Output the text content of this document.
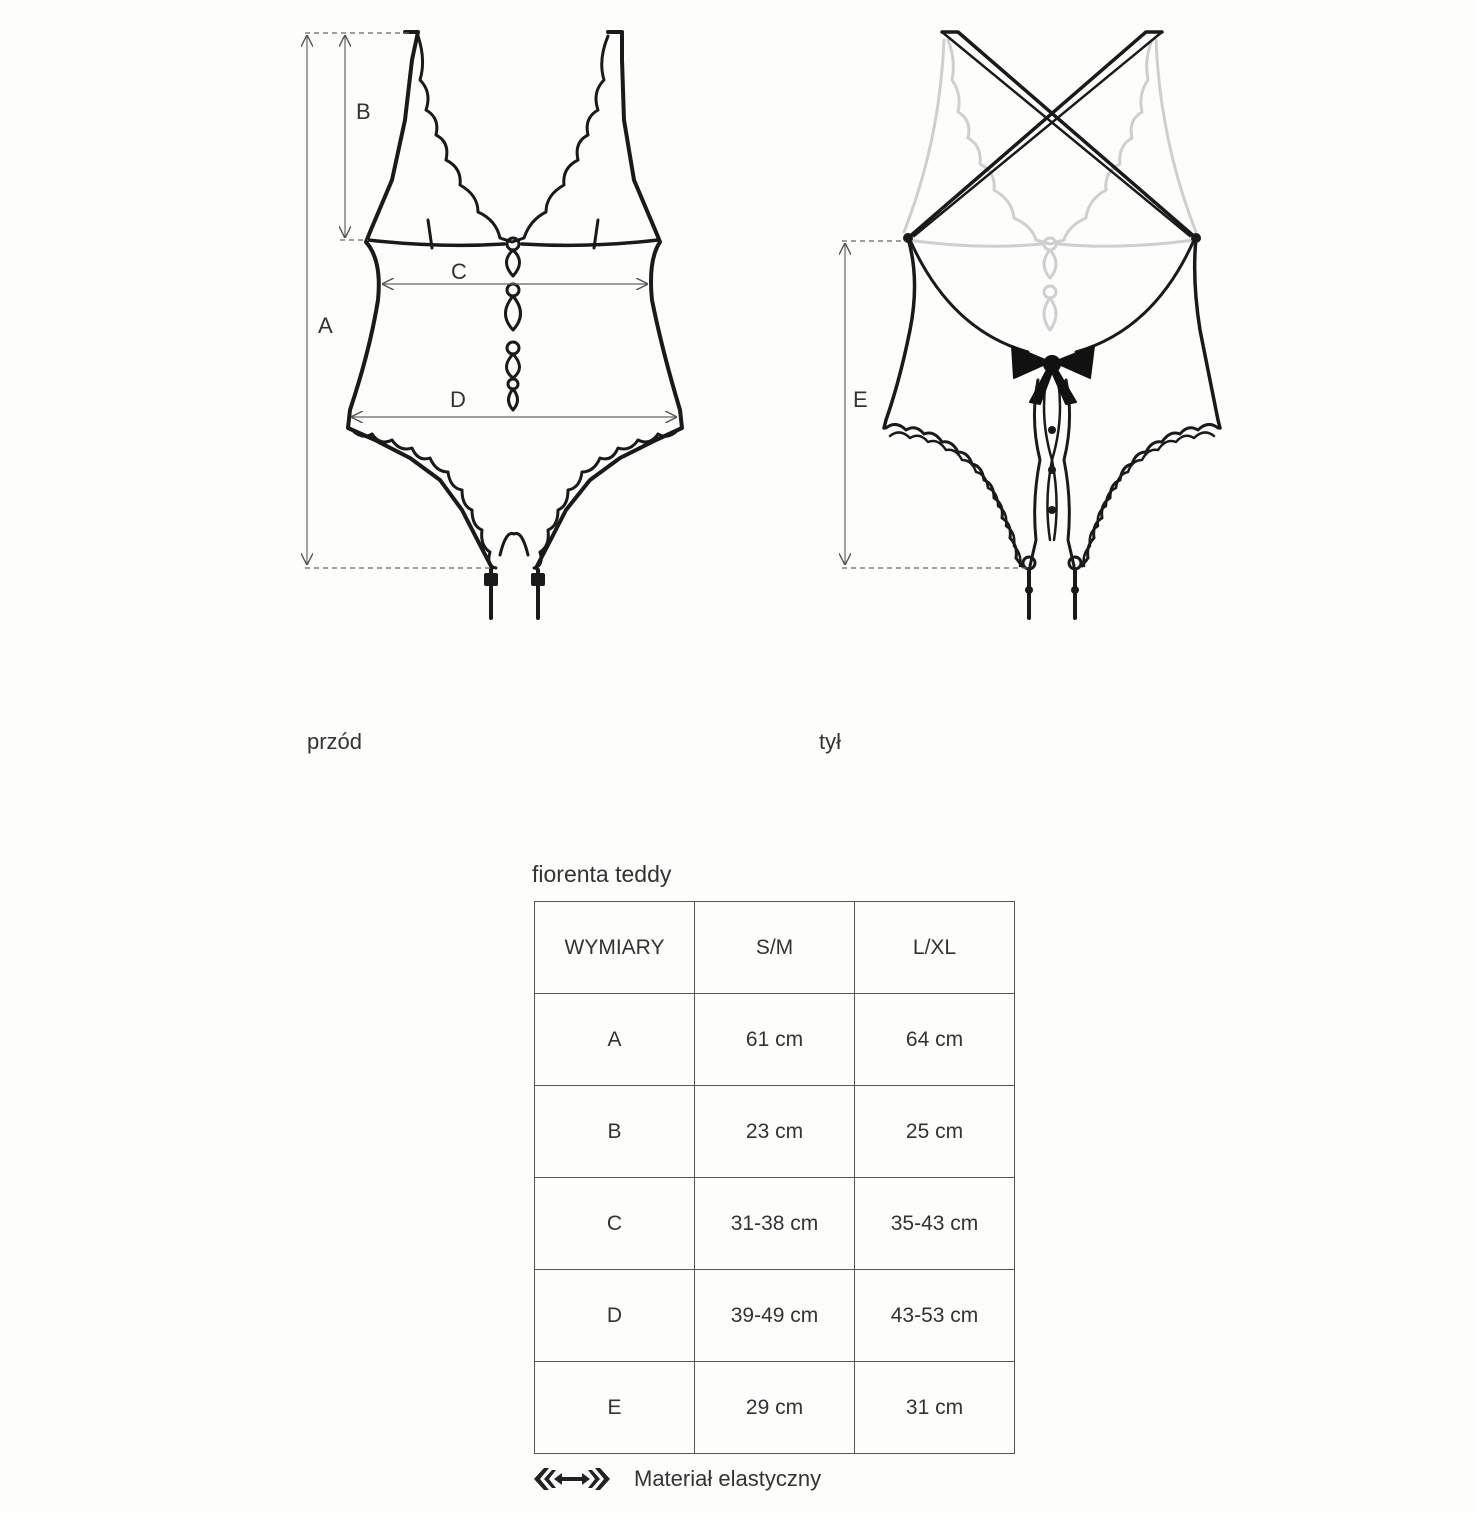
A
B
C
D	E
przód	tył
fiorenta teddy
WYMIARY	S/M	L/XL
A	61 cm	64 cm
B	23 cm	25 cm
C	31-38 cm	35-43 cm
D	39-49 cm	43-53 cm
E	29 cm	31 cm
Materiał elastyczny
